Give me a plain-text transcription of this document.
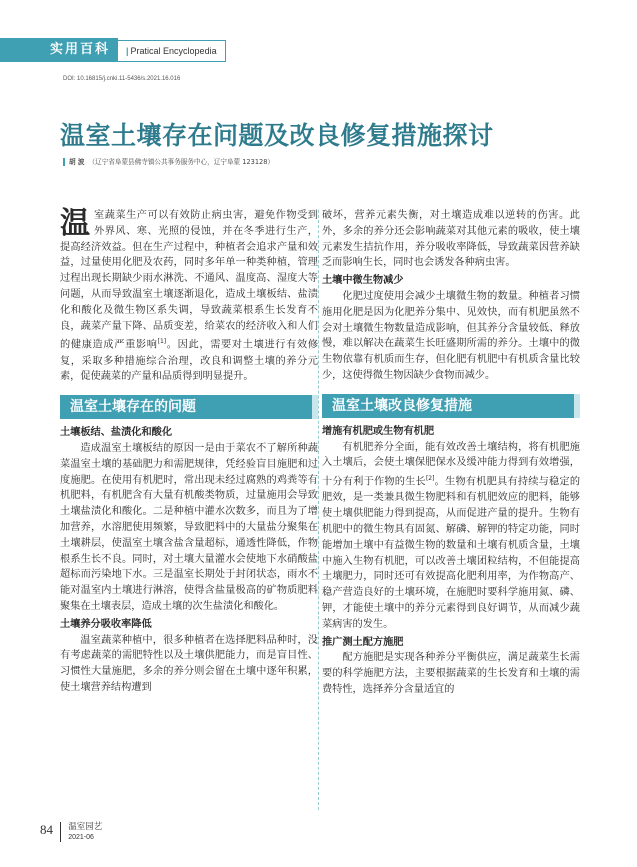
实用百科	| Pratical Encyclopedia
DOI: 10.16815/j.cnki.11-5436/s.2021.16.016
温室土壤存在问题及改良修复措施探讨
胡 波 （辽宁省阜蒙县佛寺镇公共事务服务中心，辽宁阜蒙 123128）

温室蔬菜生产可以有效防止病虫害，避免作物受到外界风、寒、光照的侵蚀，并在冬季进行生产，提高经济效益。但在生产过程中，种植者会追求产量和效益，过量使用化肥及农药，同时多年单一种类种植，管理过程出现长期缺少雨水淋洗、不通风、温度高、湿度大等问题，从而导致温室土壤逐渐退化，造成土壤板结、盐渍化和酸化及微生物区系失调，导致蔬菜根系生长发育不良，蔬菜产量下降、品质变差，给菜农的经济收入和人们的健康造成严重影响[1]。因此，需要对土壤进行有效修复，采取多种措施综合治理，改良和调整土壤的养分元素，促使蔬菜的产量和品质得到明显提升。

温室土壤存在的问题
土壤板结、盐渍化和酸化

造成温室土壤板结的原因一是由于菜农不了解所种蔬菜温室土壤的基础肥力和需肥规律，凭经验盲目施肥和过度施肥。在使用有机肥时，常出现未经过腐熟的鸡粪等有机肥料，有机肥含有大量有机酸类物质，过量施用会导致土壤盐渍化和酸化。二是种植中灌水次数多，而且为了增加营养，水溶肥使用频繁，导致肥料中的大量盐分聚集在土壤耕层，使温室土壤含盐含量超标，通透性降低，作物根系生长不良。同时，对土壤大量灌水会使地下水硝酸盐超标而污染地下水。三是温室长期处于封闭状态，雨水不能对温室内土壤进行淋溶，使得含盐量极高的矿物质肥料聚集在土壤表层，造成土壤的次生盐渍化和酸化。

土壤养分吸收率降低

温室蔬菜种植中，很多种植者在选择肥料品种时，没有考虑蔬菜的需肥特性以及土壤供肥能力，而是盲目性、习惯性大量施肥，多余的养分则会留在土壤中逐年积累，使土壤营养结构遭到

破坏，营养元素失衡，对土壤造成难以逆转的伤害。此外，多余的养分还会影响蔬菜对其他元素的吸收，使土壤元素发生拮抗作用，养分吸收率降低，导致蔬菜因营养缺乏而影响生长，同时也会诱发各种病虫害。

土壤中微生物减少

化肥过度使用会减少土壤微生物的数量。种植者习惯施用化肥是因为化肥养分集中、见效快，而有机肥虽然不会对土壤微生物数量造成影响，但其养分含量较低、释放慢，难以解决在蔬菜生长旺盛期所需的养分。土壤中的微生物依靠有机质而生存，但化肥有机肥中有机质含量比较少，这使得微生物因缺少食物而减少。

温室土壤改良修复措施
增施有机肥或生物有机肥

有机肥养分全面，能有效改善土壤结构，将有机肥施入土壤后，会使土壤保肥保水及缓冲能力得到有效增强，十分有利于作物的生长[2]。生物有机肥具有持续与稳定的肥效，是一类兼具微生物肥料和有机肥效应的肥料，能够使土壤供肥能力得到提高，从而促进产量的提升。生物有机肥中的微生物具有固氮、解磷、解钾的特定功能，同时能增加土壤中有益微生物的数量和土壤有机质含量，土壤中施入生物有机肥，可以改善土壤团粒结构，不但能提高土壤肥力，同时还可有效提高化肥利用率，为作物高产、稳产营造良好的土壤环境，在施肥时要科学施用氮、磷、钾，才能使土壤中的养分元素得到良好调节，从而减少蔬菜病害的发生。

推广测土配方施肥

配方施肥是实现各种养分平衡供应，满足蔬菜生长需要的科学施肥方法，主要根据蔬菜的生长发育和土壤的需费特性，选择养分含量适宜的

84 温室园艺
2021-06
